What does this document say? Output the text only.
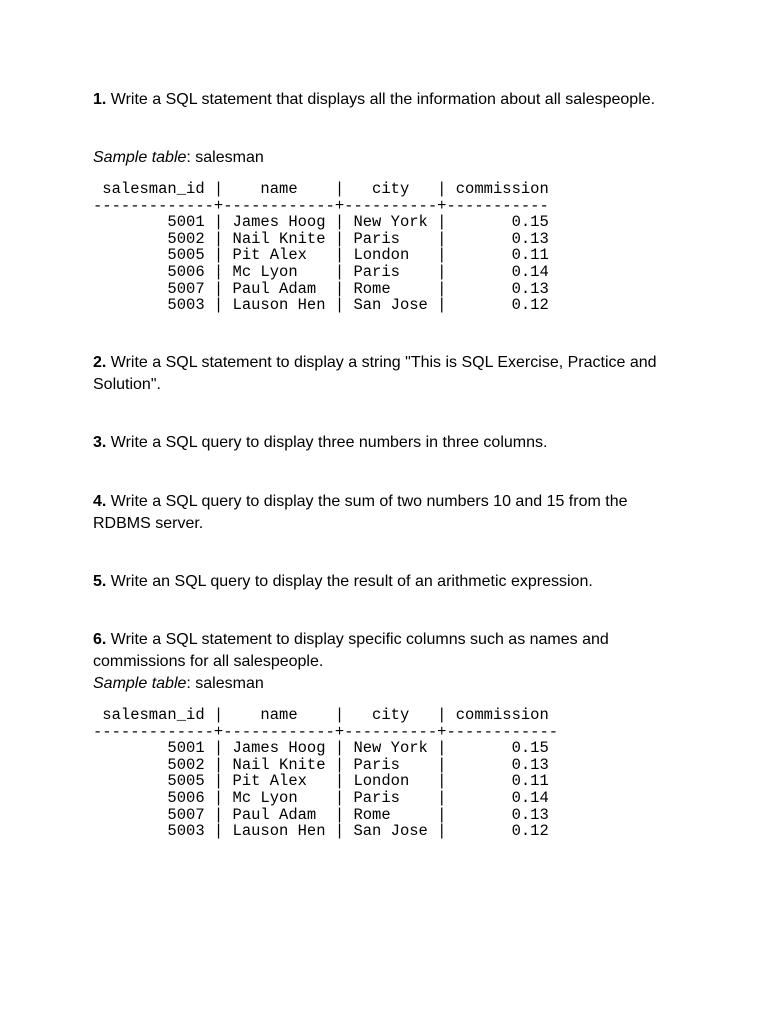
1. Write a SQL statement that displays all the information about all salespeople.

Sample table: salesman

salesman_id |    name    |   city   | commission
-------------+------------+----------+-----------
5001 | James Hoog | New York |       0.15
5002 | Nail Knite | Paris    |       0.13
5005 | Pit Alex   | London   |       0.11
5006 | Mc Lyon    | Paris    |       0.14
5007 | Paul Adam  | Rome     |       0.13
5003 | Lauson Hen | San Jose |       0.12

2. Write a SQL statement to display a string "This is SQL Exercise, Practice and Solution".

3. Write a SQL query to display three numbers in three columns.

4. Write a SQL query to display the sum of two numbers 10 and 15 from the RDBMS server.

5. Write an SQL query to display the result of an arithmetic expression.

6. Write a SQL statement to display specific columns such as names and commissions for all salespeople.

Sample table: salesman

salesman_id |    name    |   city   | commission
-------------+------------+----------+------------
5001 | James Hoog | New York |       0.15
5002 | Nail Knite | Paris    |       0.13
5005 | Pit Alex   | London   |       0.11
5006 | Mc Lyon    | Paris    |       0.14
5007 | Paul Adam  | Rome     |       0.13
5003 | Lauson Hen | San Jose |       0.12
